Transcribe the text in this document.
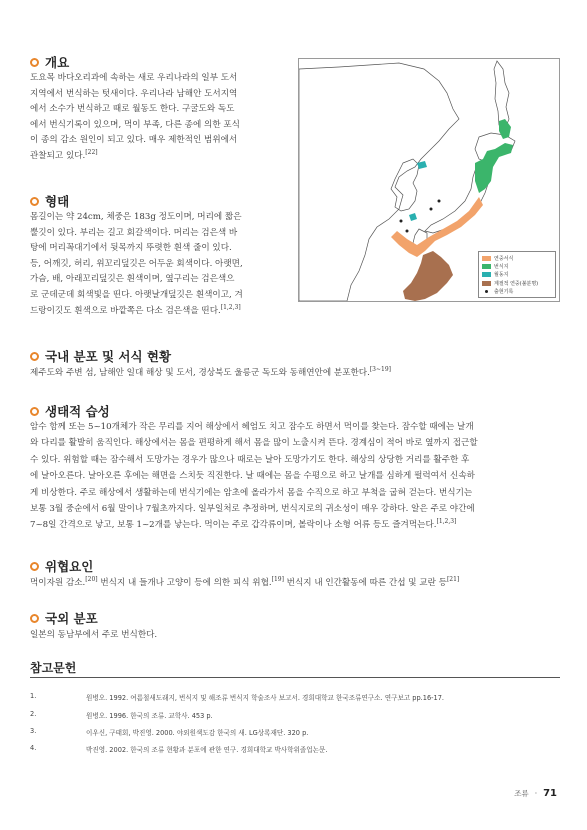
개요
도요목 바다오리과에 속하는 새로 우리나라의 일부 도서
지역에서 번식하는 텃새이다. 우리나라 남해안 도서지역
에서 소수가 번식하고 때로 월동도 한다. 구굴도와 독도
에서 번식기록이 있으며, 먹이 부족, 다른 종에 의한 포식
이 종의 감소 원인이 되고 있다. 매우 제한적인 범위에서
관찰되고 있다.[22]
형태
몸길이는 약 24cm, 체중은 183g 정도이며, 머리에 짧은
뿔깃이 있다. 부리는 길고 회갈색이다. 머리는 검은색 바
탕에 머리꼭대기에서 뒷목까지 뚜렷한 흰색 줄이 있다.
등, 어깨깃, 허리, 위꼬리덮깃은 어두운 회색이다. 아랫면,
가슴, 배, 아래꼬리덮깃은 흰색이며, 옆구리는 검은색으
로 군데군데 회색빛을 띤다. 아랫날개덮깃은 흰색이고, 겨
드랑이깃도 흰색으로 바깥쪽은 다소 검은색을 띤다.[1,2,3]
연중서식
번식지
월동지
계절적 연중(불분명)
출현기록
국내 분포 및 서식 현황
제주도와 주변 섬, 남해안 일대 해상 및 도서, 경상북도 울릉군 독도와 동해연안에 분포한다.[3~19]
생태적 습성
암수 함께 또는 5~10개체가 작은 무리를 지어 해상에서 헤엄도 치고 잠수도 하면서 먹이를 찾는다. 잠수할 때에는 날개
와 다리를 활발히 움직인다. 해상에서는 몸을 편평하게 해서 몸을 많이 노출시켜 뜬다. 경계심이 적어 바로 옆까지 접근할
수 있다. 위험할 때는 잠수해서 도망가는 경우가 많으나 때로는 날아 도망가기도 한다. 해상의 상당한 거리를 활주한 후
에 날아오른다. 날아오른 후에는 해면을 스치듯 직진한다. 날 때에는 몸을 수평으로 하고 날개를 심하게 펄럭여서 신속하
게 비상한다. 주로 해상에서 생활하는데 번식기에는 암초에 올라가서 몸을 수직으로 하고 부척을 굽혀 걷는다. 번식기는
보통 3월 중순에서 6월 말이나 7월초까지다. 일부일처로 추정하며, 번식지로의 귀소성이 매우 강하다. 알은 주로 야간에
7~8일 간격으로 낳고, 보통 1~2개를 낳는다. 먹이는 주로 갑각류이며, 볼락이나 소형 어류 등도 즐겨먹는다.[1,2,3]
위협요인
먹이자원 감소.[20] 번식지 내 들개나 고양이 등에 의한 피식 위협.[19] 번식지 내 인간활동에 따른 간섭 및 교란 등[21]
국외 분포
일본의 동남부에서 주로 번식한다.
참고문헌
1.	원병오. 1992. 여름철새도래지, 번식지 및 해조류 번식지 학술조사 보고서. 경희대학교 한국조류연구소. 연구보고 pp.16-17.
2.	원병오. 1996. 한국의 조류. 교학사. 453 p.
3.	이우신, 구태회, 박진영. 2000. 야외원색도감 한국의 새. LG상록재단. 320 p.
4.	박진영. 2002. 한국의 조류 현황과 분포에 관한 연구. 경희대학교 박사학위졸업논문.
조류 · 71
